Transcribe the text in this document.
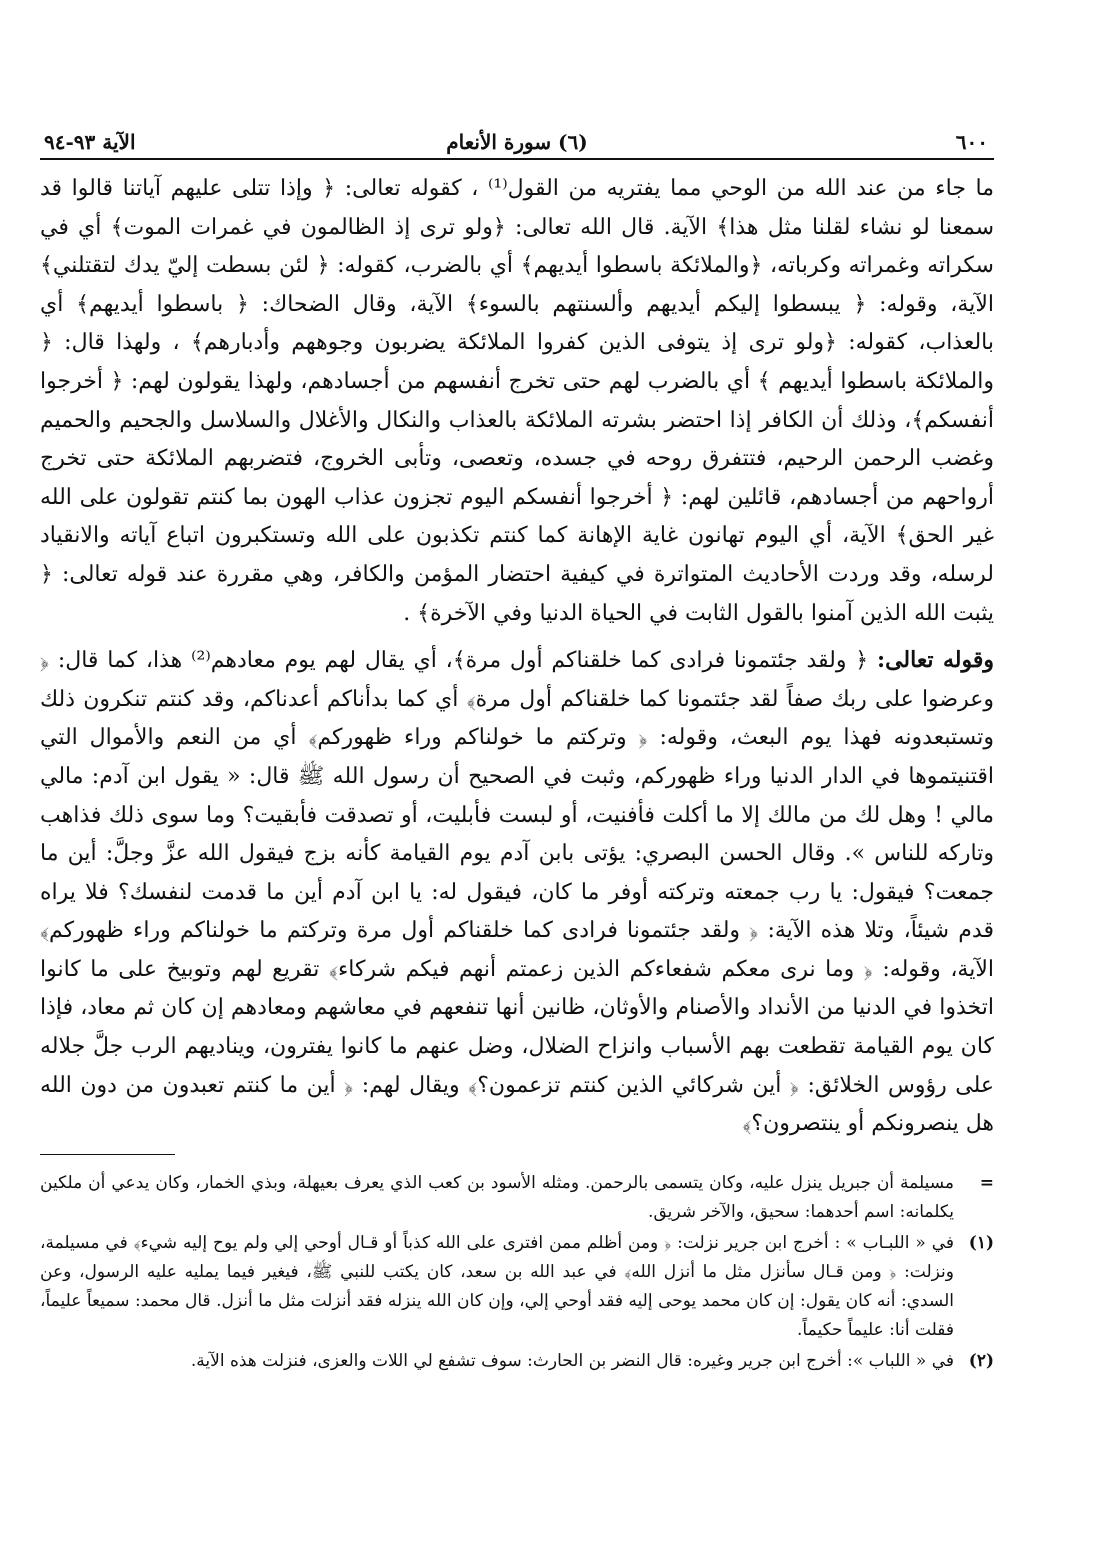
٦٠٠
(٦) سورة الأنعام
الآية ٩٣-٩٤

ما جاء من عند الله من الوحي مما يفتريه من القول⁽¹⁾ ، كقوله تعالى: ﴿ وإذا تتلى عليهم آياتنا قالوا قد سمعنا لو نشاء لقلنا مثل هذا﴾ الآية. قال الله تعالى: ﴿ولو ترى إذ الظالمون في غمرات الموت﴾ أي في سكراته وغمراته وكرباته، ﴿والملائكة باسطوا أيديهم﴾ أي بالضرب، كقوله: ﴿ لئن بسطت إليّ يدك لتقتلني﴾ الآية، وقوله: ﴿ يبسطوا إليكم أيديهم وألسنتهم بالسوء﴾ الآية، وقال الضحاك: ﴿ باسطوا أيديهم﴾ أي بالعذاب، كقوله: ﴿ولو ترى إذ يتوفى الذين كفروا الملائكة يضربون وجوههم وأدبارهم﴾ ، ولهذا قال: ﴿ والملائكة باسطوا أيديهم ﴾ أي بالضرب لهم حتى تخرج أنفسهم من أجسادهم، ولهذا يقولون لهم: ﴿ أخرجوا أنفسكم﴾، وذلك أن الكافر إذا احتضر بشرته الملائكة بالعذاب والنكال والأغلال والسلاسل والجحيم والحميم وغضب الرحمن الرحيم، فتتفرق روحه في جسده، وتعصى، وتأبى الخروج، فتضربهم الملائكة حتى تخرج أرواحهم من أجسادهم، قائلين لهم: ﴿ أخرجوا أنفسكم اليوم تجزون عذاب الهون بما كنتم تقولون على الله غير الحق﴾ الآية، أي اليوم تهانون غاية الإهانة كما كنتم تكذبون على الله وتستكبرون اتباع آياته والانقياد لرسله، وقد وردت الأحاديث المتواترة في كيفية احتضار المؤمن والكافر، وهي مقررة عند قوله تعالى: ﴿ يثبت الله الذين آمنوا بالقول الثابت في الحياة الدنيا وفي الآخرة﴾ .

وقوله تعالى: ﴿ ولقد جئتمونا فرادى كما خلقناكم أول مرة﴾، أي يقال لهم يوم معادهم⁽²⁾ هذا، كما قال: ﴿ وعرضوا على ربك صفاً لقد جئتمونا كما خلقناكم أول مرة﴾ أي كما بدأناكم أعدناكم، وقد كنتم تنكرون ذلك وتستبعدونه فهذا يوم البعث، وقوله: ﴿ وتركتم ما خولناكم وراء ظهوركم﴾ أي من النعم والأموال التي اقتنيتموها في الدار الدنيا وراء ظهوركم، وثبت في الصحيح أن رسول الله ﷺ قال: « يقول ابن آدم: مالي مالي ! وهل لك من مالك إلا ما أكلت فأفنيت، أو لبست فأبليت، أو تصدقت فأبقيت؟ وما سوى ذلك فذاهب وتاركه للناس ». وقال الحسن البصري: يؤتى بابن آدم يوم القيامة كأنه بزج فيقول الله عزَّ وجلَّ: أين ما جمعت؟ فيقول: يا رب جمعته وتركته أوفر ما كان، فيقول له: يا ابن آدم أين ما قدمت لنفسك؟ فلا يراه قدم شيئاً، وتلا هذه الآية: ﴿ ولقد جئتمونا فرادى كما خلقناكم أول مرة وتركتم ما خولناكم وراء ظهوركم﴾ الآية، وقوله: ﴿ وما نرى معكم شفعاءكم الذين زعمتم أنهم فيكم شركاء﴾ تقريع لهم وتوبيخ على ما كانوا اتخذوا في الدنيا من الأنداد والأصنام والأوثان، ظانين أنها تنفعهم في معاشهم ومعادهم إن كان ثم معاد، فإذا كان يوم القيامة تقطعت بهم الأسباب وانزاح الضلال، وضل عنهم ما كانوا يفترون، ويناديهم الرب جلَّ جلاله على رؤوس الخلائق: ﴿ أين شركائي الذين كنتم تزعمون؟﴾ ويقال لهم: ﴿ أين ما كنتم تعبدون من دون الله هل ينصرونكم أو ينتصرون؟﴾

=
مسيلمة أن جبريل ينزل عليه، وكان يتسمى بالرحمن. ومثله الأسود بن كعب الذي يعرف بعيهلة، وبذي الخمار، وكان يدعي أن ملكين يكلمانه: اسم أحدهما: سحيق، والآخر شريق.
(١)
في « اللبـاب » : أخرج ابن جرير نزلت: ﴿ ومن أظلم ممن افترى على الله كذباً أو قـال أوحي إلي ولم يوح إليه شيء﴾ في مسيلمة، ونزلت: ﴿ ومن قـال سأنزل مثل ما أنزل الله﴾ في عبد الله بن سعد، كان يكتب للنبي ﷺ، فيغير فيما يمليه عليه الرسول، وعن السدي: أنه كان يقول: إن كان محمد يوحى إليه فقد أوحي إلي، وإن كان الله ينزله فقد أنزلت مثل ما أنزل. قال محمد: سميعاً عليماً، فقلت أنا: عليماً حكيماً.
(٢)
في « اللباب »: أخرج ابن جرير وغيره: قال النضر بن الحارث: سوف تشفع لي اللات والعزى، فنزلت هذه الآية.
